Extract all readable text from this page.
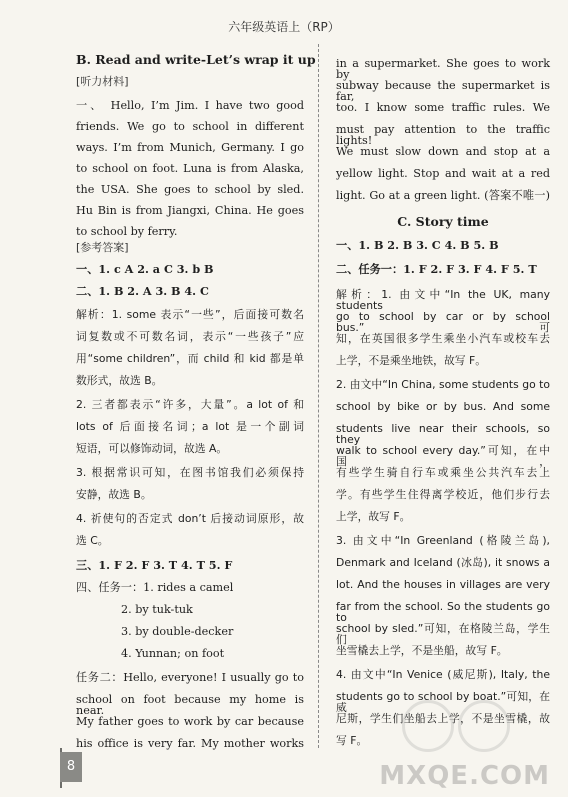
六年级英语上（RP）
B. Read and write-Let’s wrap it up
[听力材料]
一、 Hello, I’m Jim. I have two good
friends. We go to school in different
ways. I’m from Munich, Germany. I go
to school on foot. Luna is from Alaska,
the USA. She goes to school by sled.
Hu Bin is from Jiangxi, China. He goes
to school by ferry.
[参考答案]
一、1. c A 2. a C 3. b B
二、1. B 2. A 3. B 4. C
解析：1. some 表示“一些”，后面接可数名
词复数或不可数名词，表示“一些孩子”应
用“some children”，而 child 和 kid 都是单
数形式，故选 B。
2. 三者都表示“许多，大量”。a lot of 和
lots of 后面接名词；a lot 是一个副词
短语，可以修饰动词，故选 A。
3. 根据常识可知，在图书馆我们必须保持
安静，故选 B。
4. 祈使句的否定式 don’t 后接动词原形，故
选 C。
三、1. F 2. F 3. T 4. T 5. F
四、任务一：1. rides a camel
2. by tuk-tuk
3. by double-decker
4. Yunnan; on foot
任务二：Hello, everyone! I usually go to
school on foot because my home is near.
My father goes to work by car because
his office is very far. My mother works
in a supermarket. She goes to work by
subway because the supermarket is far,
too. I know some traffic rules. We
must pay attention to the traffic lights!
We must slow down and stop at a
yellow light. Stop and wait at a red
light. Go at a green light. (答案不唯一)
C. Story time
一、1. B 2. B 3. C 4. B 5. B
二、任务一：1. F 2. F 3. F 4. F 5. T
解析：1. 由文中“In the UK, many students
go to school by car or by school bus.”可
知，在英国很多学生乘坐小汽车或校车去
上学，不是乘坐地铁，故写 F。
2. 由文中“In China, some students go to
school by bike or by bus. And some
students live near their schools, so they
walk to school every day.”可知，在中国，
有些学生骑自行车或乘坐公共汽车去上
学。有些学生住得离学校近，他们步行去
上学，故写 F。
3. 由文中“In Greenland (格陵兰岛),
Denmark and Iceland (冰岛), it snows a
lot. And the houses in villages are very
far from the school. So the students go to
school by sled.”可知，在格陵兰岛，学生们
坐雪橇去上学，不是坐船，故写 F。
4. 由文中“In Venice (威尼斯), Italy, the
students go to school by boat.”可知，在威
尼斯，学生们坐船去上学，不是坐雪橇，故
写 F。
8	MXQE.COM
